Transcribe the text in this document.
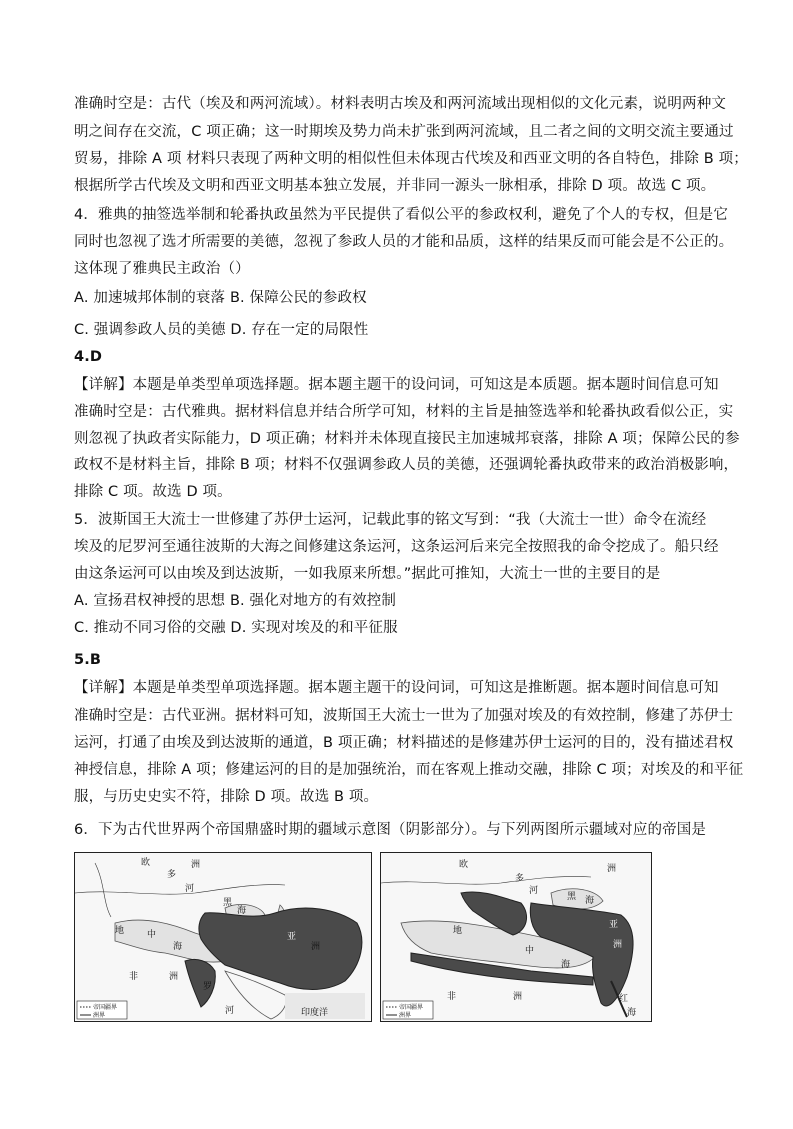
准确时空是：古代（埃及和两河流域）。材料表明古埃及和两河流域出现相似的文化元素，说明两种文
明之间存在交流，C 项正确；这一时期埃及势力尚未扩张到两河流域，且二者之间的文明交流主要通过
贸易，排除 A 项 材料只表现了两种文明的相似性但未体现古代埃及和西亚文明的各自特色，排除 B 项；
根据所学古代埃及文明和西亚文明基本独立发展，并非同一源头一脉相承，排除 D 项。故选 C 项。
4．雅典的抽签选举制和轮番执政虽然为平民提供了看似公平的参政权利，避免了个人的专权，但是它
同时也忽视了选才所需要的美德，忽视了参政人员的才能和品质，这样的结果反而可能会是不公正的。
这体现了雅典民主政治（）
A. 加速城邦体制的衰落 B. 保障公民的参政权
C. 强调参政人员的美德 D. 存在一定的局限性
4.D
【详解】本题是单类型单项选择题。据本题主题干的设问词，可知这是本质题。据本题时间信息可知
准确时空是：古代雅典。据材料信息并结合所学可知，材料的主旨是抽签选举和轮番执政看似公正，实
则忽视了执政者实际能力，D 项正确；材料并未体现直接民主加速城邦衰落，排除 A 项；保障公民的参
政权不是材料主旨，排除 B 项；材料不仅强调参政人员的美德，还强调轮番执政带来的政治消极影响，
排除 C 项。故选 D 项。
5．波斯国王大流士一世修建了苏伊士运河，记载此事的铭文写到：“我（大流士一世）命令在流经
埃及的尼罗河至通往波斯的大海之间修建这条运河，这条运河后来完全按照我的命令挖成了。船只经
由这条运河可以由埃及到达波斯，一如我原来所想。”据此可推知，大流士一世的主要目的是
A. 宣扬君权神授的思想 B. 强化对地方的有效控制
C. 推动不同习俗的交融 D. 实现对埃及的和平征服
5.B
【详解】本题是单类型单项选择题。据本题主题干的设问词，可知这是推断题。据本题时间信息可知
准确时空是：古代亚洲。据材料可知，波斯国王大流士一世为了加强对埃及的有效控制，修建了苏伊士
运河，打通了由埃及到达波斯的通道，B 项正确；材料描述的是修建苏伊士运河的目的，没有描述君权
神授信息，排除 A 项；修建运河的目的是加强统治，而在客观上推动交融，排除 C 项；对埃及的和平征
服，与历史史实不符，排除 D 项。故选 B 项。
6．下为古代世界两个帝国鼎盛时期的疆域示意图（阴影部分）。与下列两图所示疆域对应的帝国是
欧	洲
多
河
黑
海
亚
洲
地	中
海
非	洲
罗
河	印度洋
帝国疆界
洲界
欧	洲
多
河
黑 海
亚
洲
地
中
海
非	洲	红
海
帝国疆界
洲界
